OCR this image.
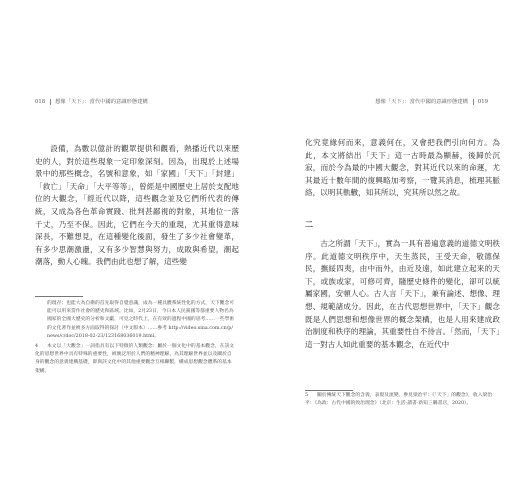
018 想像「天下」：當代中國的意識形態建構

設備，為數以億計的觀眾提供和觀看，熱播近代以來歷史的人，對於這些現象一定印象深刻。因為，出現於上述場景中的那些概念，名號和意象，如「家國」「天下」「封建」「救亡」「天命」「大平等等」，曾經是中國歷史上居於支配地位的大觀念，「經近代以降，這些觀念並及它們所代表的傳統，又成為各色革命實踐、批判甚鄙視的對象，其地位一落千丈，乃至不保。因此，它們在今天的重現，尤其重得意味深長，不難想見，在這種變化後面，發生了多少社會變革，有多少思潮激盪，又有多少智慧與努力，成敗與希望，潮起潮落，動人心魄。我們由此也想了解，這些變

的現存；也能大為自衛的首先取得自覺意識，成為一種具體系統性化的方式，天下觀念可能可以用來當作社會的歷史和區域。比如，2月23日，今日本人民黨國等都重要人物名為國家的全國大歷史的分析和文獻，可見之時代上，在有效的過程中國的思考……一些學術的文化著作並被多方面取得的探討（中文版本）……參考 http://video.sina.com.cn/p/news/c/doc/2018-02-23/123168036019.html。
4 本文以「大觀念」一詞指具有以下特徵的人類觀念：屬於一個文化中的基本觀念，在該文化的思想世界中具有特殊的重要性，被廣泛用於人們的精神理解，為其理解世界並以及關於自身的觀念的意義建構基礎，即與該文化中的其他重要觀念互相聯繫，構成思想觀念體系的基本架構。
想像「天下」：當代中國的意識形態建構 019

化究竟緣何而來，意義何在，又會把我們引向何方。為此，本文將結出「天下」這一古時最為顯赫，後歸於沉寂，而於今為最的中國大觀念，對其近代以來的命運，尤其最近十數年間的復興略加考察，一覽其消息，梳理其脈絡，以明其軌轍，知其所以，究其所以然之故。

二

古之所謂「天下」，實為一具有普遍意義的道德文明秩序。此道德文明秩序中，天生蒸民，王受天命，敬德保民，撫綏四夷，由中而外，由近及遠，如此建立起來的天下，或族或家，可修可齊，隨歷史條件的變化，卻可以統屬家國，安頓人心。古人言「天下」，兼有論述、想像、理想、規範諸成分。因此，在古代思想世界中，「天下」觀念既是人們思想和想像世界的概念架構，也是人用來建成政治制度和秩序的理論，其重要性自不待言。「然而，「天下」這一對古人如此重要的基本觀念，在近代中

5 關於傳統天下觀念的含義，表現及流變，參見梁治平：《「天下」的觀念》，收入梁治平：《為政：古代中國的致治理念》（北京：生活·讀書·新知三聯書店，2020）。
